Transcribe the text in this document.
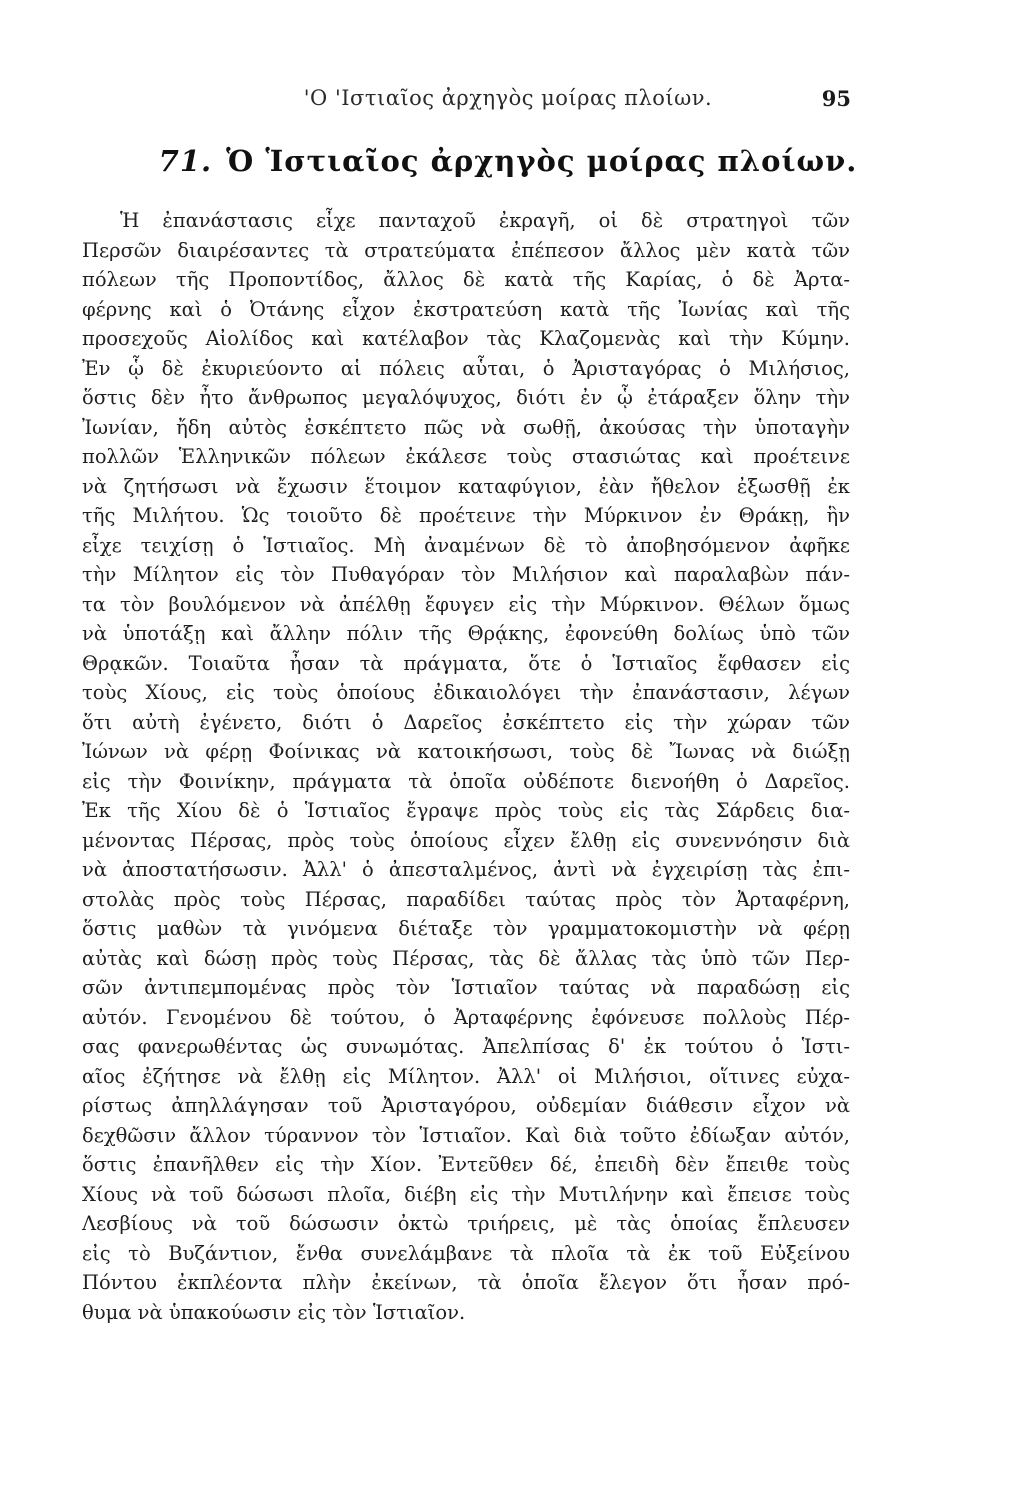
'Ο 'Ιστιαῖος ἀρχηγὸς μοίρας πλοίων.	95
71. Ὁ Ἱστιαῖος ἀρχηγὸς μοίρας πλοίων.
Ἡ ἐπανάστασις εἶχε πανταχοῦ ἐκραγῆ, οἱ δὲ στρατηγοὶ τῶν
Περσῶν διαιρέσαντες τὰ στρατεύματα ἐπέπεσον ἄλλος μὲν κατὰ τῶν
πόλεων τῆς Προποντίδος, ἄλλος δὲ κατὰ τῆς Καρίας, ὁ δὲ Ἀρτα-
φέρνης καὶ ὁ Ὀτάνης εἶχον ἐκστρατεύση κατὰ τῆς Ἰωνίας καὶ τῆς
προσεχοῦς Αἰολίδος καὶ κατέλαβον τὰς Κλαζομενὰς καὶ τὴν Κύμην.
Ἐν ᾧ δὲ ἐκυριεύοντο αἱ πόλεις αὗται, ὁ Ἀρισταγόρας ὁ Μιλήσιος,
ὅστις δὲν ἦτο ἄνθρωπος μεγαλόψυχος, διότι ἐν ᾧ ἐτάραξεν ὅλην τὴν
Ἰωνίαν, ἤδη αὐτὸς ἐσκέπτετο πῶς νὰ σωθῇ, ἀκούσας τὴν ὑποταγὴν
πολλῶν Ἑλληνικῶν πόλεων ἐκάλεσε τοὺς στασιώτας καὶ προέτεινε
νὰ ζητήσωσι νὰ ἔχωσιν ἕτοιμον καταφύγιον, ἐὰν ἤθελον ἐξωσθῇ ἐκ
τῆς Μιλήτου. Ὡς τοιοῦτο δὲ προέτεινε τὴν Μύρκινον ἐν Θράκῃ, ἣν
εἶχε τειχίσῃ ὁ Ἱστιαῖος. Μὴ ἀναμένων δὲ τὸ ἀποβησόμενον ἀφῆκε
τὴν Μίλητον εἰς τὸν Πυθαγόραν τὸν Μιλήσιον καὶ παραλαβὼν πάν-
τα τὸν βουλόμενον νὰ ἀπέλθῃ ἔφυγεν εἰς τὴν Μύρκινον. Θέλων ὅμως
νὰ ὑποτάξῃ καὶ ἄλλην πόλιν τῆς Θρᾴκης, ἐφονεύθη δολίως ὑπὸ τῶν
Θρᾳκῶν. Τοιαῦτα ἦσαν τὰ πράγματα, ὅτε ὁ Ἱστιαῖος ἔφθασεν εἰς
τοὺς Χίους, εἰς τοὺς ὁποίους ἐδικαιολόγει τὴν ἐπανάστασιν, λέγων
ὅτι αὐτὴ ἐγένετο, διότι ὁ Δαρεῖος ἐσκέπτετο εἰς τὴν χώραν τῶν
Ἰώνων νὰ φέρῃ Φοίνικας νὰ κατοικήσωσι, τοὺς δὲ Ἴωνας νὰ διώξῃ
εἰς τὴν Φοινίκην, πράγματα τὰ ὁποῖα οὐδέποτε διενοήθη ὁ Δαρεῖος.
Ἐκ τῆς Χίου δὲ ὁ Ἱστιαῖος ἔγραψε πρὸς τοὺς εἰς τὰς Σάρδεις δια-
μένοντας Πέρσας, πρὸς τοὺς ὁποίους εἶχεν ἔλθῃ εἰς συνεννόησιν διὰ
νὰ ἀποστατήσωσιν. Ἀλλ' ὁ ἀπεσταλμένος, ἀντὶ νὰ ἐγχειρίσῃ τὰς ἐπι-
στολὰς πρὸς τοὺς Πέρσας, παραδίδει ταύτας πρὸς τὸν Ἀρταφέρνη,
ὅστις μαθὼν τὰ γινόμενα διέταξε τὸν γραμματοκομιστὴν νὰ φέρῃ
αὐτὰς καὶ δώσῃ πρὸς τοὺς Πέρσας, τὰς δὲ ἄλλας τὰς ὑπὸ τῶν Περ-
σῶν ἀντιπεμπομένας πρὸς τὸν Ἱστιαῖον ταύτας νὰ παραδώσῃ εἰς
αὐτόν. Γενομένου δὲ τούτου, ὁ Ἀρταφέρνης ἐφόνευσε πολλοὺς Πέρ-
σας φανερωθέντας ὡς συνωμότας. Ἀπελπίσας δ' ἐκ τούτου ὁ Ἱστι-
αῖος ἐζήτησε νὰ ἔλθῃ εἰς Μίλητον. Ἀλλ' οἱ Μιλήσιοι, οἵτινες εὐχα-
ρίστως ἀπηλλάγησαν τοῦ Ἀρισταγόρου, οὐδεμίαν διάθεσιν εἶχον νὰ
δεχθῶσιν ἄλλον τύραννον τὸν Ἱστιαῖον. Καὶ διὰ τοῦτο ἐδίωξαν αὐτόν,
ὅστις ἐπανῆλθεν εἰς τὴν Χίον. Ἐντεῦθεν δέ, ἐπειδὴ δὲν ἔπειθε τοὺς
Χίους νὰ τοῦ δώσωσι πλοῖα, διέβη εἰς τὴν Μυτιλήνην καὶ ἔπεισε τοὺς
Λεσβίους νὰ τοῦ δώσωσιν ὀκτὼ τριήρεις, μὲ τὰς ὁποίας ἔπλευσεν
εἰς τὸ Βυζάντιον, ἔνθα συνελάμβανε τὰ πλοῖα τὰ ἐκ τοῦ Εὐξείνου
Πόντου ἐκπλέοντα πλὴν ἐκείνων, τὰ ὁποῖα ἔλεγον ὅτι ἦσαν πρό-
θυμα νὰ ὑπακούωσιν εἰς τὸν Ἱστιαῖον.
